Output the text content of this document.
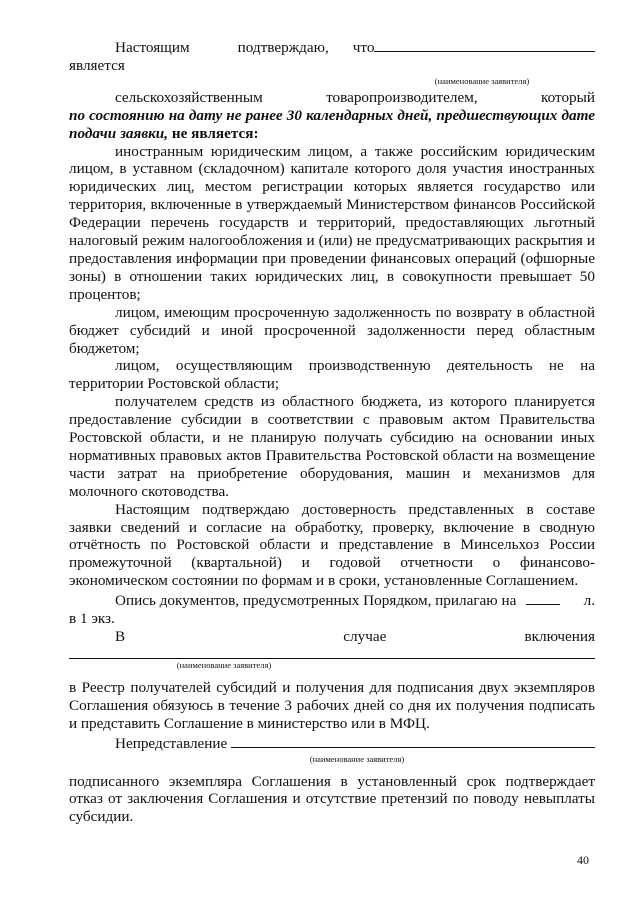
Настоящим	подтверждаю, что

является

(наименование заявителя)

сельскохозяйственным	товаропроизводителем,	который

по состоянию на дату не ранее 30 календарных дней, предшествующих дате подачи заявки, не является:

иностранным юридическим лицом, а также российским юридическим лицом, в уставном (складочном) капитале которого доля участия иностранных юридических лиц, местом регистрации которых является государство или территория, включенные в утверждаемый Министерством финансов Российской Федерации перечень государств и территорий, предоставляющих льготный налоговый режим налогообложения и (или) не предусматривающих раскрытия и предоставления информации при проведении финансовых операций (офшорные зоны) в отношении таких юридических лиц, в совокупности превышает 50 процентов;

лицом, имеющим просроченную задолженность по возврату в областной бюджет субсидий и иной просроченной задолженности перед областным бюджетом;

лицом, осуществляющим производственную деятельность не на

территории Ростовской области;

получателем средств из областного бюджета, из которого планируется предоставление субсидии в соответствии с правовым актом Правительства Ростовской области, и не планирую получать субсидию на основании иных нормативных правовых актов Правительства Ростовской области на возмещение части затрат на приобретение оборудования, машин и механизмов для молочного скотоводства.

Настоящим подтверждаю достоверность представленных в составе заявки сведений и согласие на обработку, проверку, включение в сводную отчётность по Ростовской области и представление в Минсельхоз России промежуточной (квартальной) и годовой отчетности о финансово-экономическом состоянии по формам и в сроки, установленные Соглашением.

Опись документов, предусмотренных Порядком, прилагаю на	л.

в 1 экз.

В	случае	включения

(наименование заявителя)

в Реестр получателей субсидий и получения для подписания двух экземпляров Соглашения обязуюсь в течение 3 рабочих дней со дня их получения подписать и представить Соглашение в министерство или в МФЦ.

Непредставление

(наименование заявителя)

подписанного экземпляра Соглашения в установленный срок подтверждает отказ от заключения Соглашения и отсутствие претензий по поводу невыплаты субсидии.

40
